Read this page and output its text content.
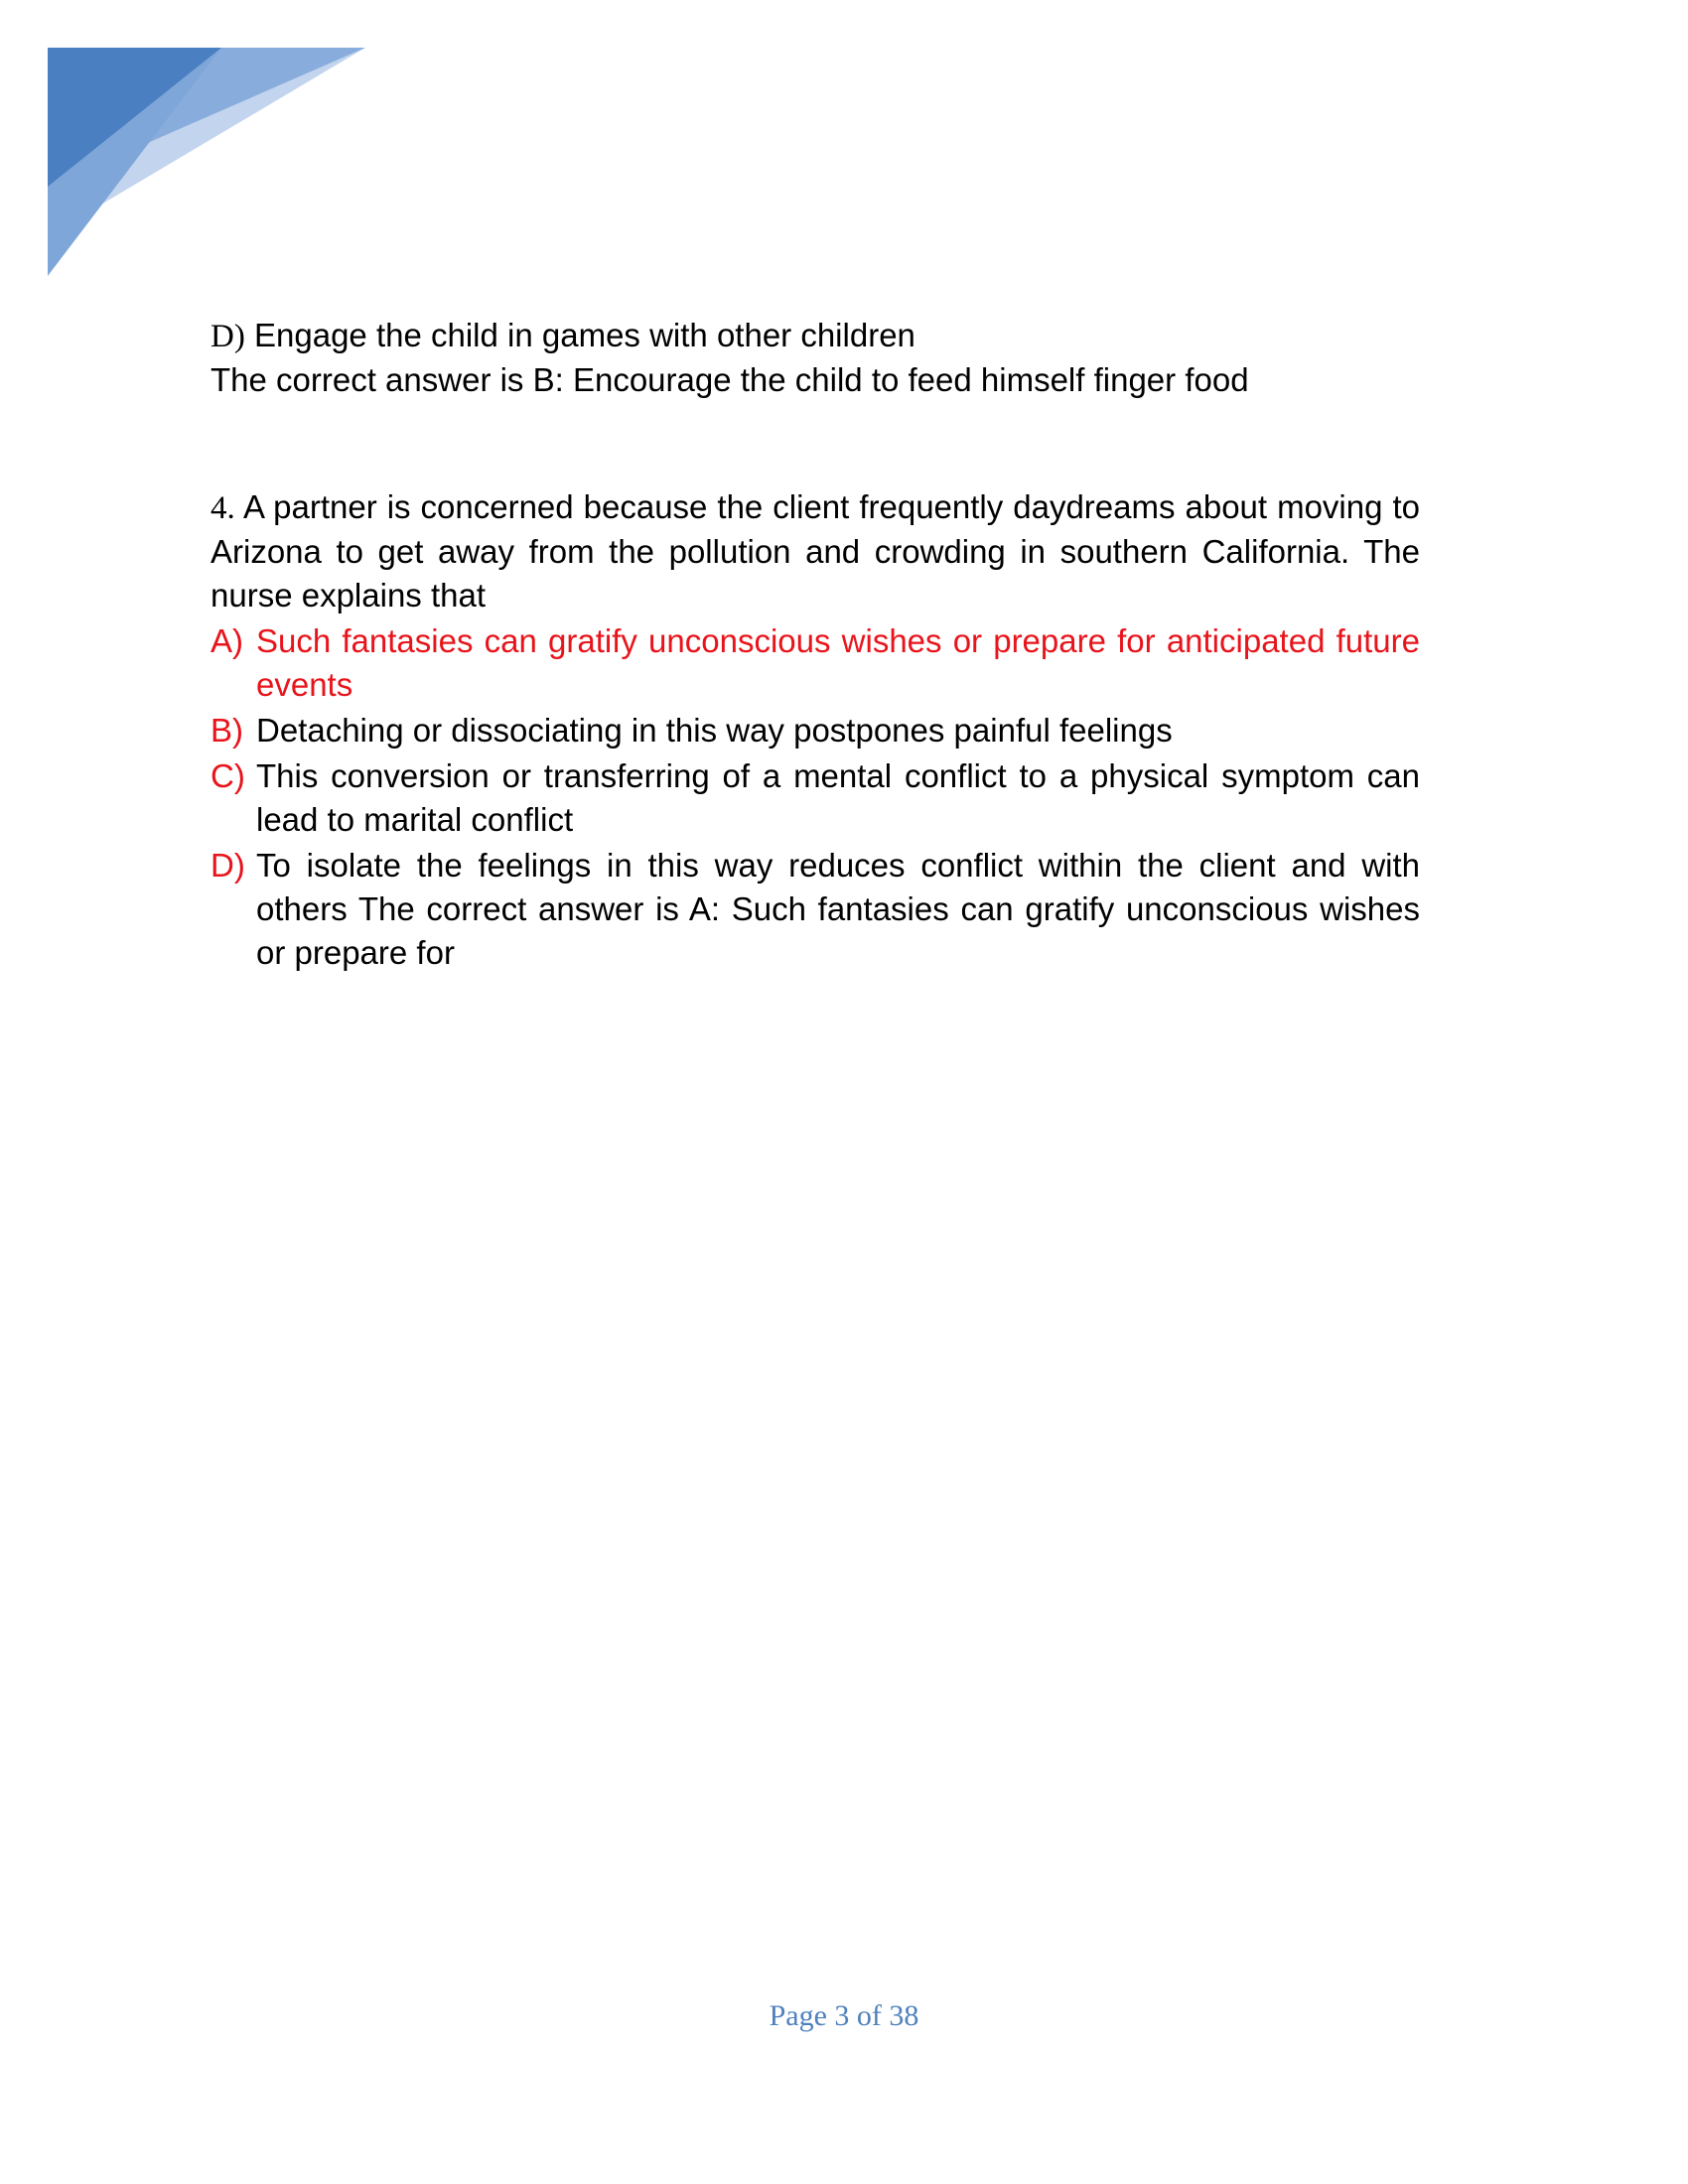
D) Engage the child in games with other children
The correct answer is B: Encourage the child to feed himself finger food
4. A partner is concerned because the client frequently daydreams about moving to Arizona to get away from the pollution and crowding in southern California. The nurse explains that
A) Such fantasies can gratify unconscious wishes or prepare for anticipated future events
B) Detaching or dissociating in this way postpones painful feelings
C) This conversion or transferring of a mental conflict to a physical symptom can lead to marital conflict
D) To isolate the feelings in this way reduces conflict within the client and with others The correct answer is A: Such fantasies can gratify unconscious wishes or prepare for
Page 3 of 38
